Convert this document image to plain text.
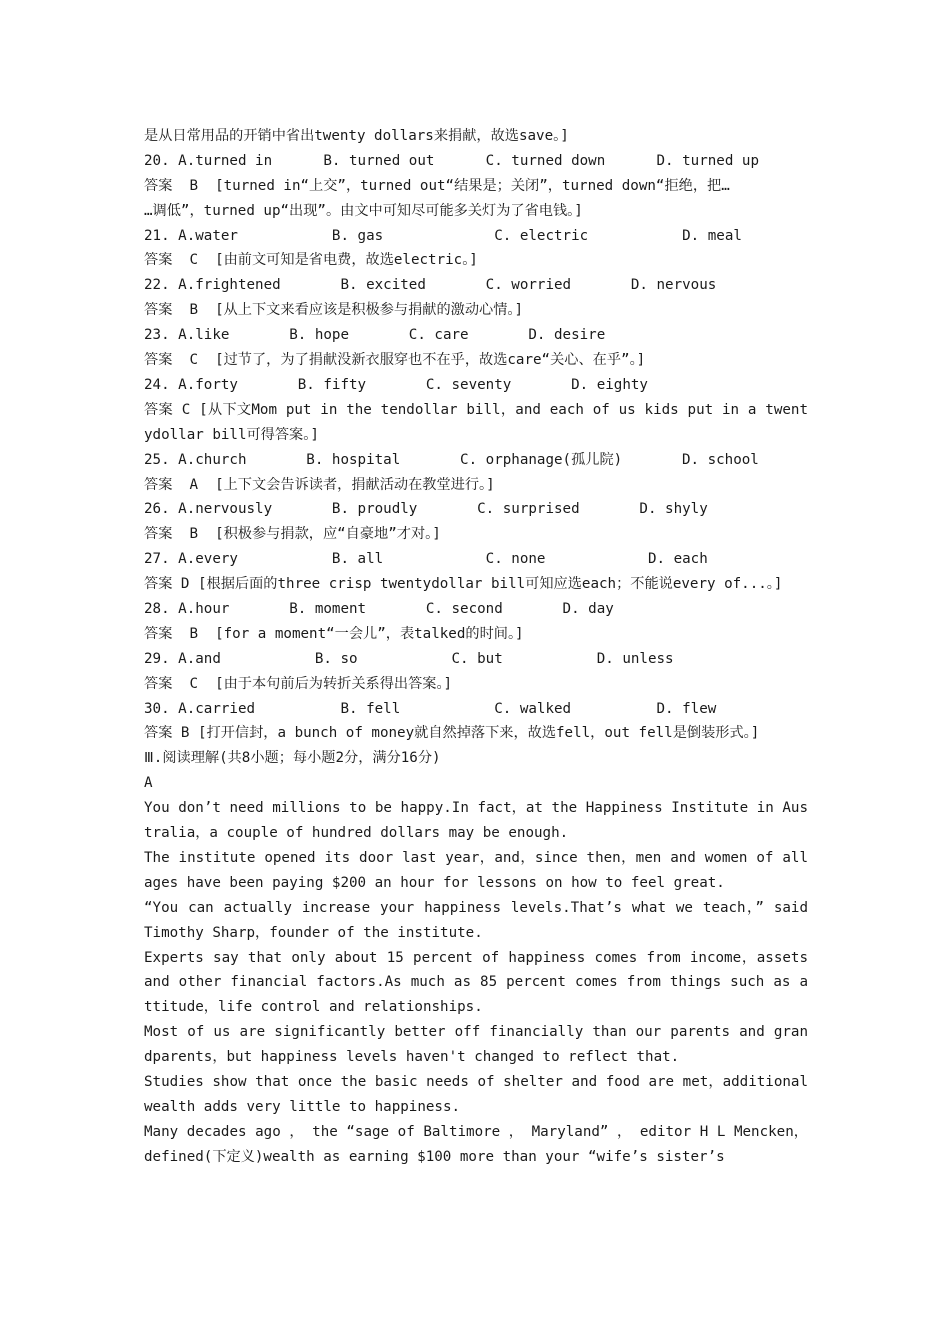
是从日常用品的开销中省出twenty dollars来捐献，故选save。]
20. A.turned in      B. turned out      C. turned down      D. turned up
答案  B  [turned in“上交”，turned out“结果是；关闭”，turned down“拒绝，把…
…调低”，turned up“出现”。由文中可知尽可能多关灯为了省电钱。]
21. A.water           B. gas             C. electric           D. meal
答案  C  [由前文可知是省电费，故选electric。]
22. A.frightened       B. excited       C. worried       D. nervous
答案  B  [从上下文来看应该是积极参与捐献的激动心情。]
23. A.like       B. hope       C. care       D. desire
答案  C  [过节了，为了捐献没新衣服穿也不在乎，故选care“关心、在乎”。]
24. A.forty       B. fifty       C. seventy       D. eighty
答案 C [从下文Mom put in the tendollar bill，and each of us kids put in a twentydollar bill可得答案。]
25. A.church       B. hospital       C. orphanage(孤儿院)       D. school
答案  A  [上下文会告诉读者，捐献活动在教堂进行。]
26. A.nervously       B. proudly       C. surprised       D. shyly
答案  B  [积极参与捐款，应“自豪地”才对。]
27. A.every           B. all            C. none            D. each
答案 D [根据后面的three crisp twentydollar bill可知应选each；不能说every of...。]
28. A.hour       B. moment       C. second       D. day
答案  B  [for a moment“一会儿”，表talked的时间。]
29. A.and           B. so           C. but           D. unless
答案  C  [由于本句前后为转折关系得出答案。]
30. A.carried          B. fell           C. walked          D. flew
答案 B [打开信封，a bunch of money就自然掉落下来，故选fell，out fell是倒装形式。]
Ⅲ.阅读理解(共8小题；每小题2分，满分16分)
A
You don’t need millions to be happy.In fact，at the Happiness Institute in Australia，a couple of hundred dollars may be enough.
The institute opened its door last year，and，since then，men and women of all ages have been paying $200 an hour for lessons on how to feel great.
“You can actually increase your happiness levels.That’s what we teach，” said Timothy Sharp，founder of the institute.
Experts say that only about 15 percent of happiness comes from income，assets and other financial factors.As much as 85 percent comes from things such as attitude，life control and relationships.
Most of us are significantly better off financially than our parents and grandparents，but happiness levels haven't changed to reflect that.
Studies show that once the basic needs of shelter and food are met，additional wealth adds very little to happiness.
Many decades ago ， the “sage of Baltimore ， Maryland” ， editor H L Mencken，defined(下定义)wealth as earning $100 more than your “wife’s sister’s
